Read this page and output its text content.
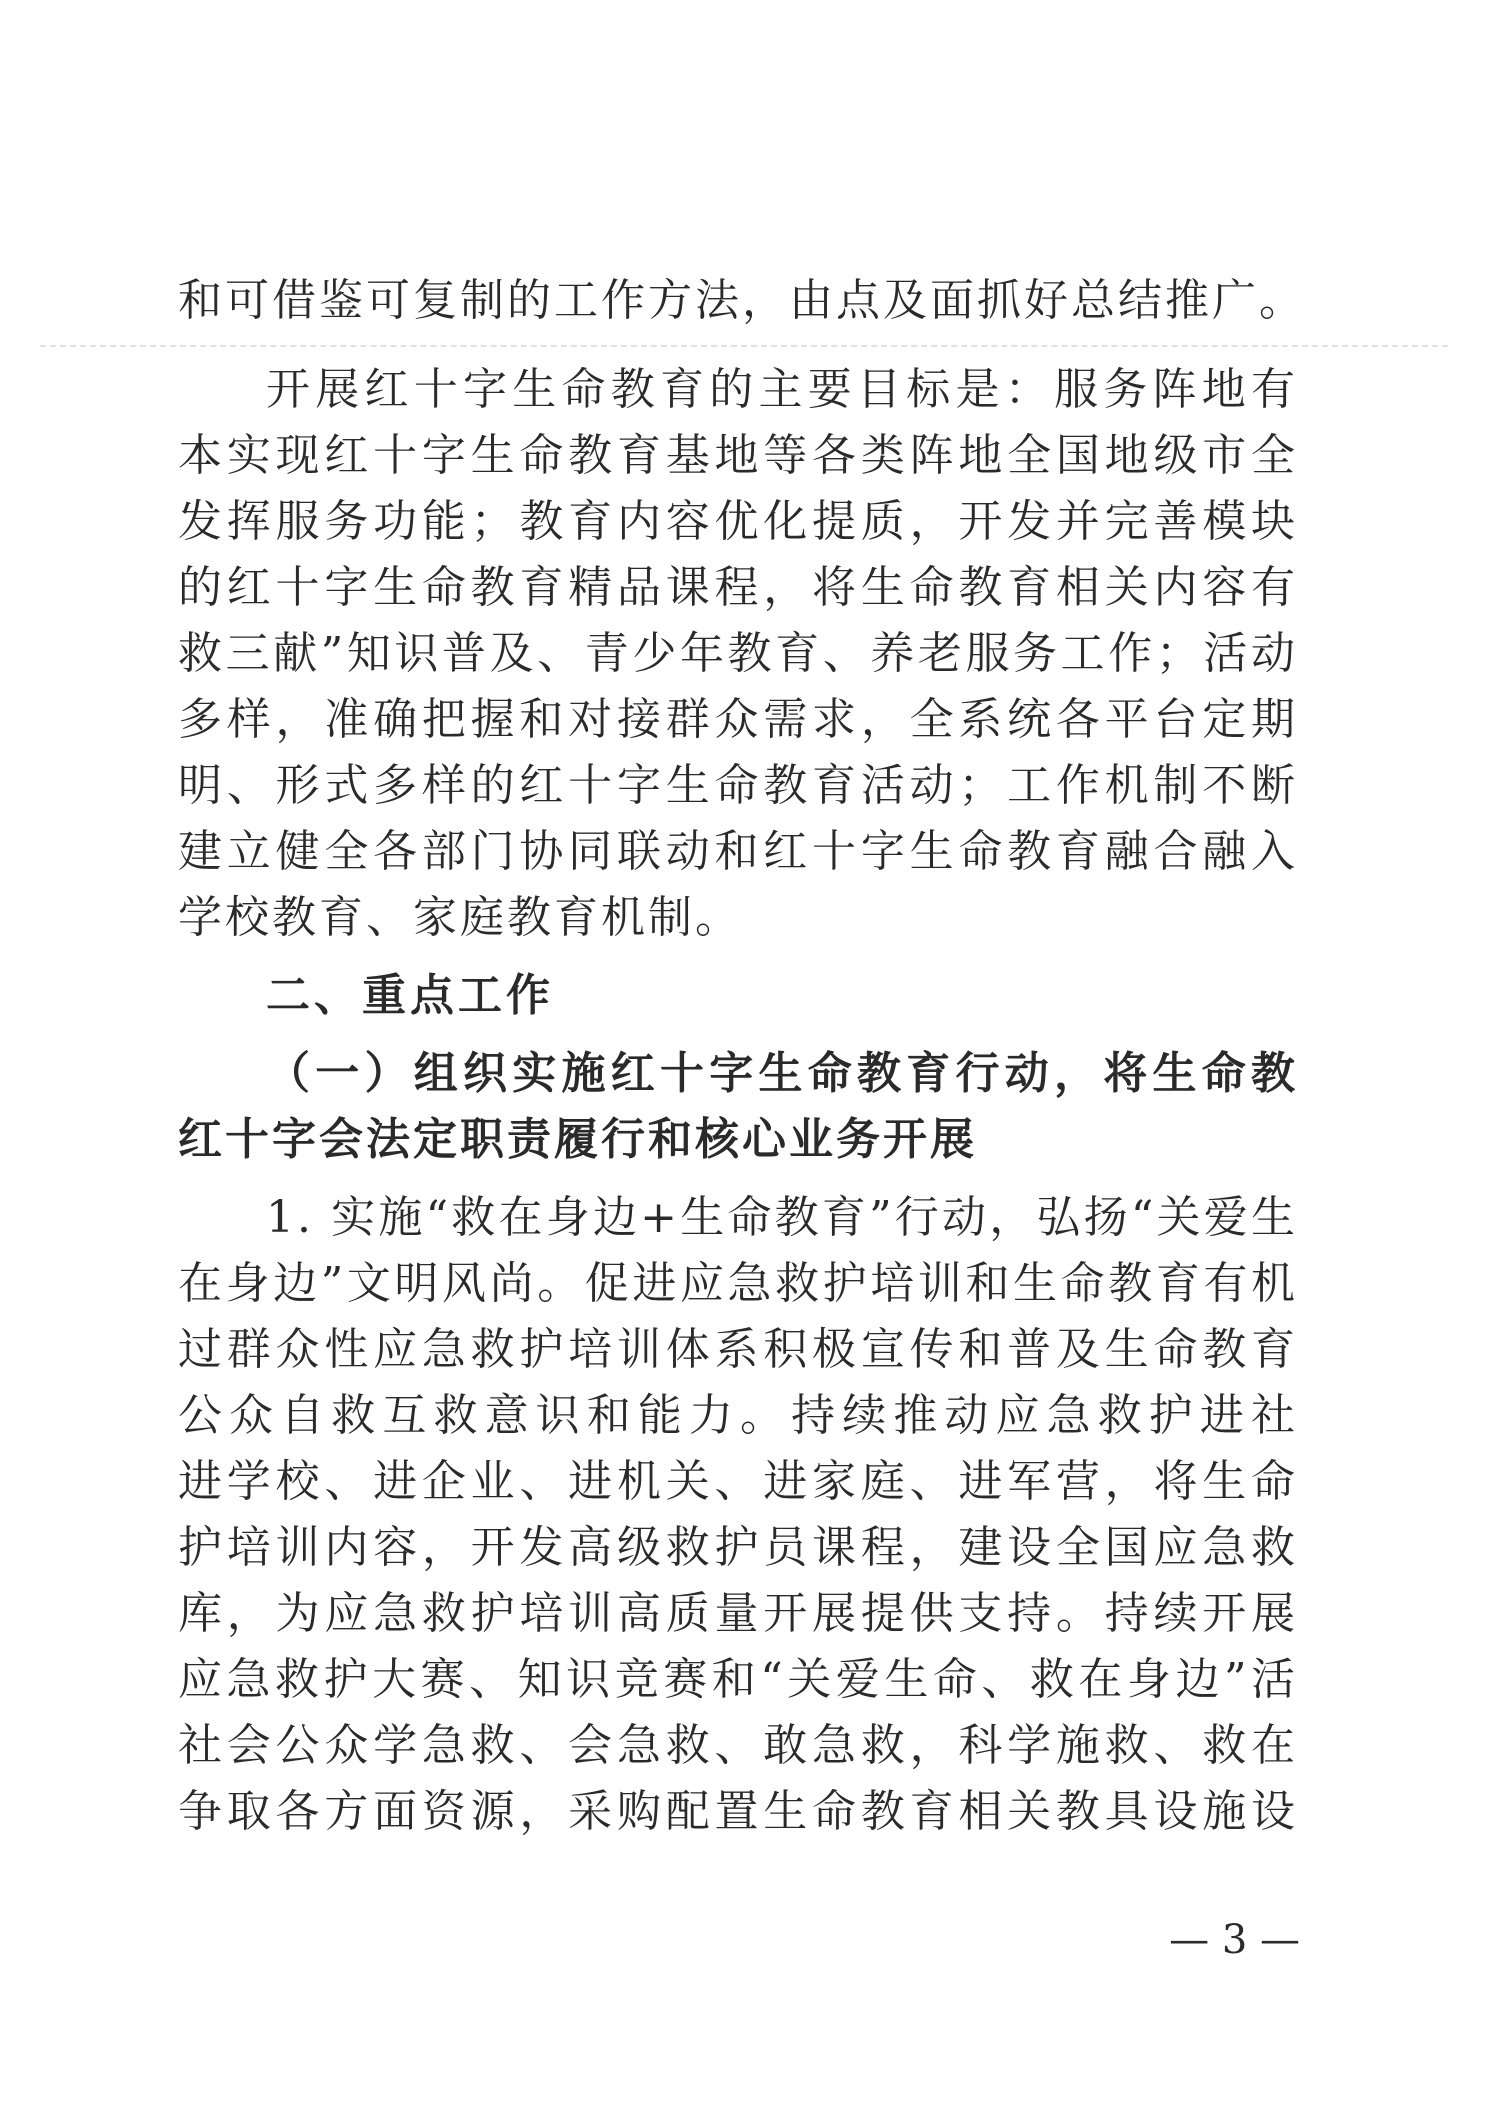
和可借鉴可复制的工作方法，由点及面抓好总结推广。
开展红十字生命教育的主要目标是：服务阵地有
本实现红十字生命教育基地等各类阵地全国地级市全
发挥服务功能；教育内容优化提质，开发并完善模块
的红十字生命教育精品课程，将生命教育相关内容有
救三献”知识普及、青少年教育、养老服务工作；活动
多样，准确把握和对接群众需求，全系统各平台定期
明、形式多样的红十字生命教育活动；工作机制不断
建立健全各部门协同联动和红十字生命教育融合融入
学校教育、家庭教育机制。
二、重点工作
（一）组织实施红十字生命教育行动，将生命教
红十字会法定职责履行和核心业务开展
1. 实施“救在身边+生命教育”行动，弘扬“关爱生
在身边”文明风尚。促进应急救护培训和生命教育有机
过群众性应急救护培训体系积极宣传和普及生命教育
公众自救互救意识和能力。持续推动应急救护进社
进学校、进企业、进机关、进家庭、进军营，将生命
护培训内容，开发高级救护员课程，建设全国应急救
库，为应急救护培训高质量开展提供支持。持续开展
应急救护大赛、知识竞赛和“关爱生命、救在身边”活
社会公众学急救、会急救、敢急救，科学施救、救在
争取各方面资源，采购配置生命教育相关教具设施设
— 3 —
